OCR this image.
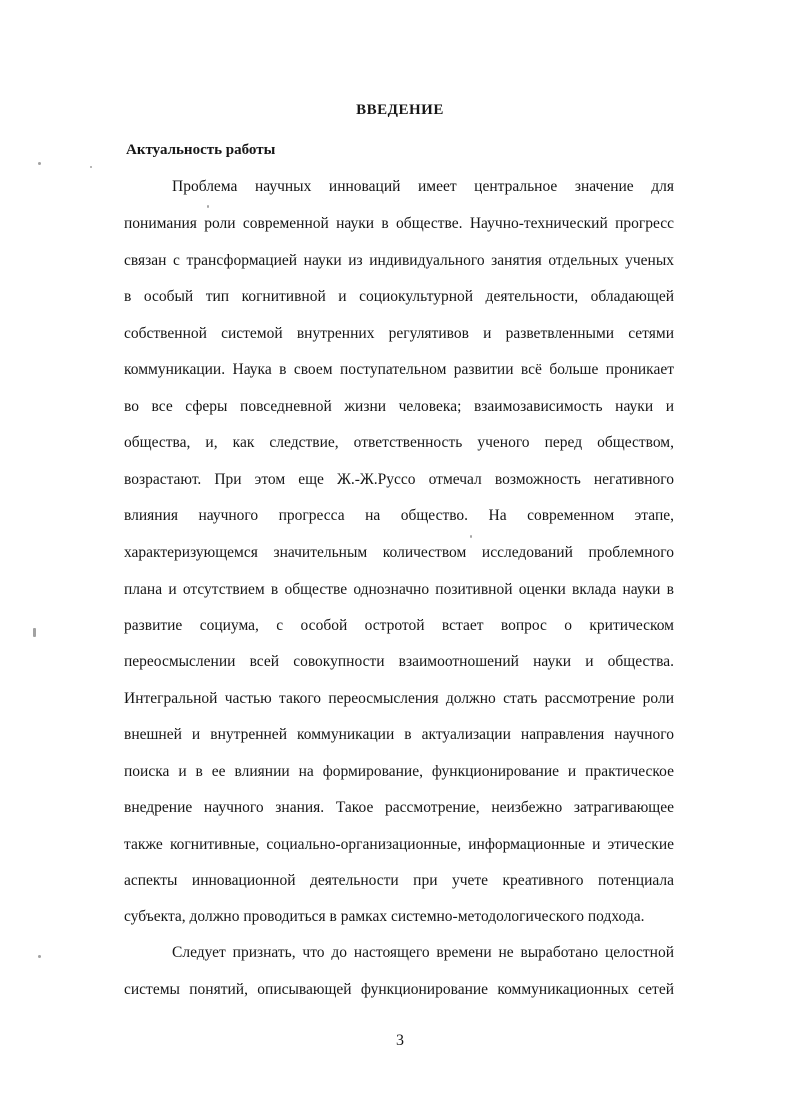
ВВЕДЕНИЕ
Актуальность работы
Проблема научных инноваций имеет центральное значение для
понимания роли современной науки в обществе. Научно-технический прогресс
связан с трансформацией науки из индивидуального занятия отдельных ученых
в особый тип когнитивной и социокультурной деятельности, обладающей
собственной системой внутренних регулятивов и разветвленными сетями
коммуникации. Наука в своем поступательном развитии всё больше проникает
во все сферы повседневной жизни человека; взаимозависимость науки и
общества, и, как следствие, ответственность ученого перед обществом,
возрастают. При этом еще Ж.-Ж.Руссо отмечал возможность негативного
влияния научного прогресса на общество. На современном этапе,
характеризующемся значительным количеством исследований проблемного
плана и отсутствием в обществе однозначно позитивной оценки вклада науки в
развитие социума, с особой остротой встает вопрос о критическом
переосмыслении всей совокупности взаимоотношений науки и общества.
Интегральной частью такого переосмысления должно стать рассмотрение роли
внешней и внутренней коммуникации в актуализации направления научного
поиска и в ее влиянии на формирование, функционирование и практическое
внедрение научного знания. Такое рассмотрение, неизбежно затрагивающее
также когнитивные, социально-организационные, информационные и этические
аспекты инновационной деятельности при учете креативного потенциала
субъекта, должно проводиться в рамках системно-методологического подхода.
Следует признать, что до настоящего времени не выработано целостной
системы понятий, описывающей функционирование коммуникационных сетей
3
